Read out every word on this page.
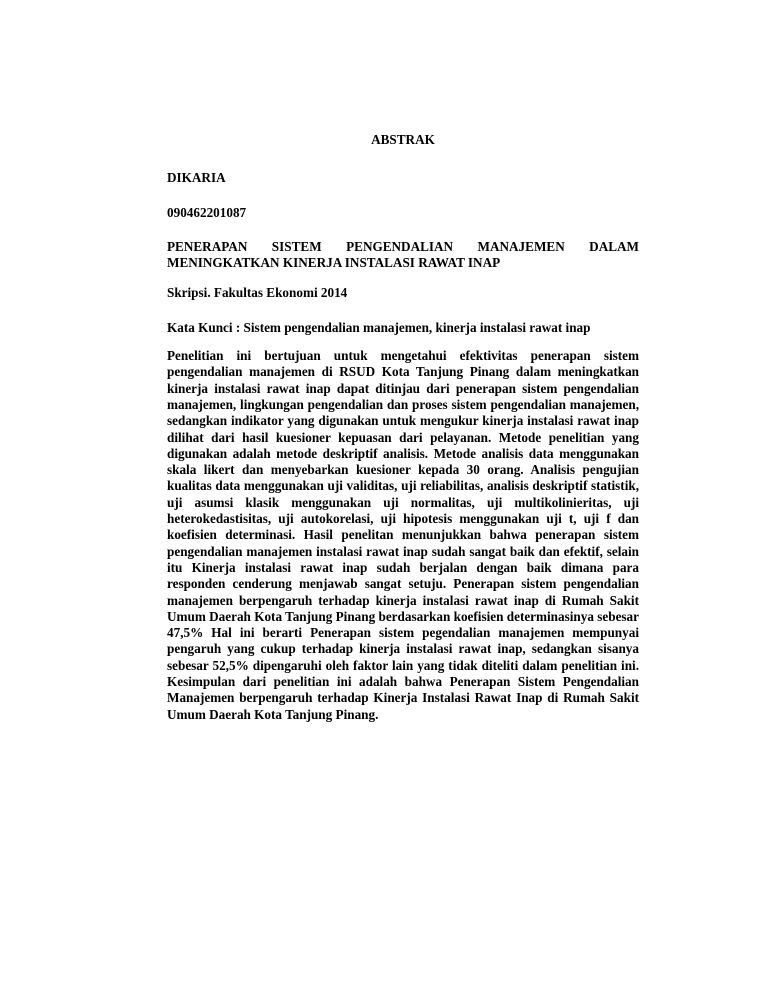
ABSTRAK
DIKARIA
090462201087
PENERAPAN SISTEM PENGENDALIAN MANAJEMEN DALAM
MENINGKATKAN KINERJA INSTALASI RAWAT INAP
Skripsi. Fakultas Ekonomi 2014
Kata Kunci : Sistem pengendalian manajemen, kinerja instalasi rawat inap
Penelitian ini bertujuan untuk mengetahui efektivitas penerapan sistem pengendalian manajemen di RSUD Kota Tanjung Pinang dalam meningkatkan kinerja instalasi rawat inap dapat ditinjau dari penerapan sistem pengendalian manajemen, lingkungan pengendalian dan proses sistem pengendalian manajemen, sedangkan indikator yang digunakan untuk mengukur kinerja instalasi rawat inap dilihat dari hasil kuesioner kepuasan dari pelayanan. Metode penelitian yang digunakan adalah metode deskriptif analisis. Metode analisis data menggunakan skala likert dan menyebarkan kuesioner kepada 30 orang. Analisis pengujian kualitas data menggunakan uji validitas, uji reliabilitas, analisis deskriptif statistik, uji asumsi klasik menggunakan uji normalitas, uji multikolinieritas, uji heterokedastisitas, uji autokorelasi, uji hipotesis menggunakan uji t, uji f dan koefisien determinasi. Hasil penelitan menunjukkan bahwa penerapan sistem pengendalian manajemen instalasi rawat inap sudah sangat baik dan efektif, selain itu Kinerja instalasi rawat inap sudah berjalan dengan baik dimana para responden cenderung menjawab sangat setuju. Penerapan sistem pengendalian manajemen berpengaruh terhadap kinerja instalasi rawat inap di Rumah Sakit Umum Daerah Kota Tanjung Pinang berdasarkan koefisien determinasinya sebesar 47,5% Hal ini berarti Penerapan sistem pegendalian manajemen mempunyai pengaruh yang cukup terhadap kinerja instalasi rawat inap, sedangkan sisanya sebesar 52,5% dipengaruhi oleh faktor lain yang tidak diteliti dalam penelitian ini. Kesimpulan dari penelitian ini adalah bahwa Penerapan Sistem Pengendalian Manajemen berpengaruh terhadap Kinerja Instalasi Rawat Inap di Rumah Sakit Umum Daerah Kota Tanjung Pinang.
